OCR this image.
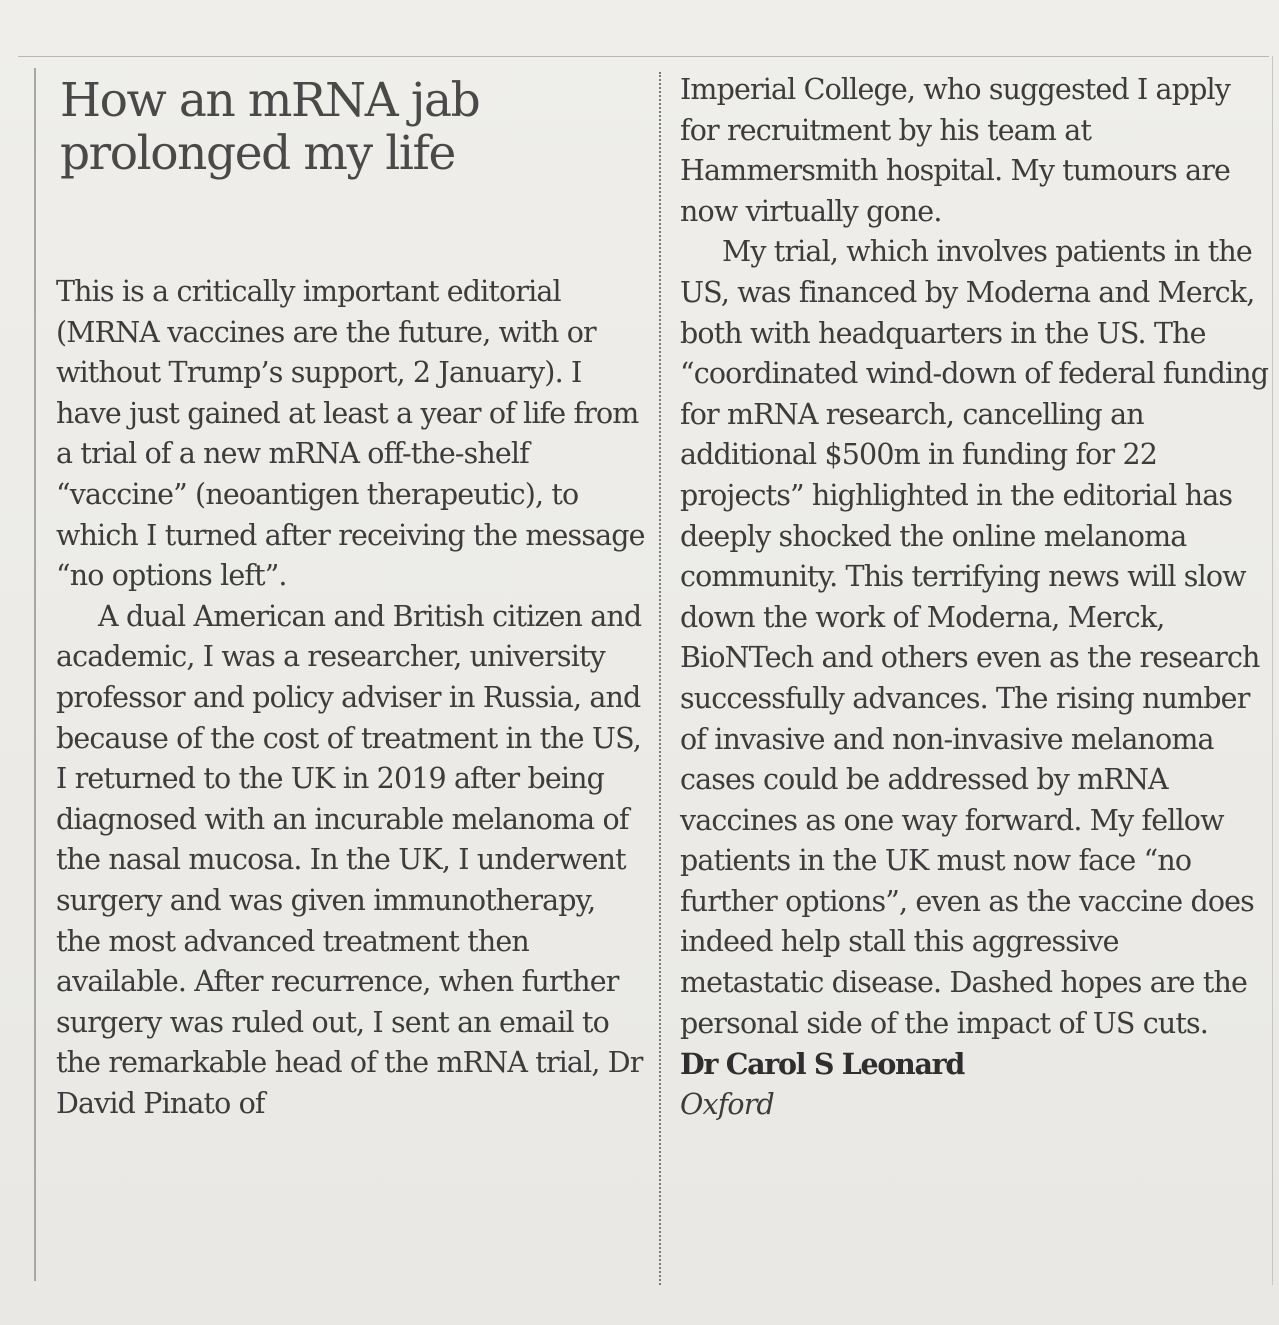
How an mRNA jab
prolonged my life

This is a critically important editorial (MRNA vaccines are the future, with or without Trump’s support, 2 January). I have just gained at least a year of life from a trial of a new mRNA off-the-shelf “vaccine” (neoantigen therapeutic), to which I turned after receiving the message “no options left”.

A dual American and British citizen and academic, I was a researcher, university professor and policy adviser in Russia, and because of the cost of treatment in the US, I returned to the UK in 2019 after being diagnosed with an incurable melanoma of the nasal mucosa. In the UK, I underwent surgery and was given immunotherapy, the most advanced treatment then available. After recurrence, when further surgery was ruled out, I sent an email to the remarkable head of the mRNA trial, Dr David Pinato of

Imperial College, who suggested I apply for recruitment by his team at Hammersmith hospital. My tumours are now virtually gone.

My trial, which involves patients in the US, was financed by Moderna and Merck, both with headquarters in the US. The “coordinated wind-down of federal funding for mRNA research, cancelling an additional $500m in funding for 22 projects” highlighted in the editorial has deeply shocked the online melanoma community. This terrifying news will slow down the work of Moderna, Merck, BioNTech and others even as the research successfully advances. The rising number of invasive and non-invasive melanoma cases could be addressed by mRNA vaccines as one way forward. My fellow patients in the UK must now face “no further options”, even as the vaccine does indeed help stall this aggressive metastatic disease. Dashed hopes are the personal side of the impact of US cuts.

Dr Carol S Leonard

Oxford
